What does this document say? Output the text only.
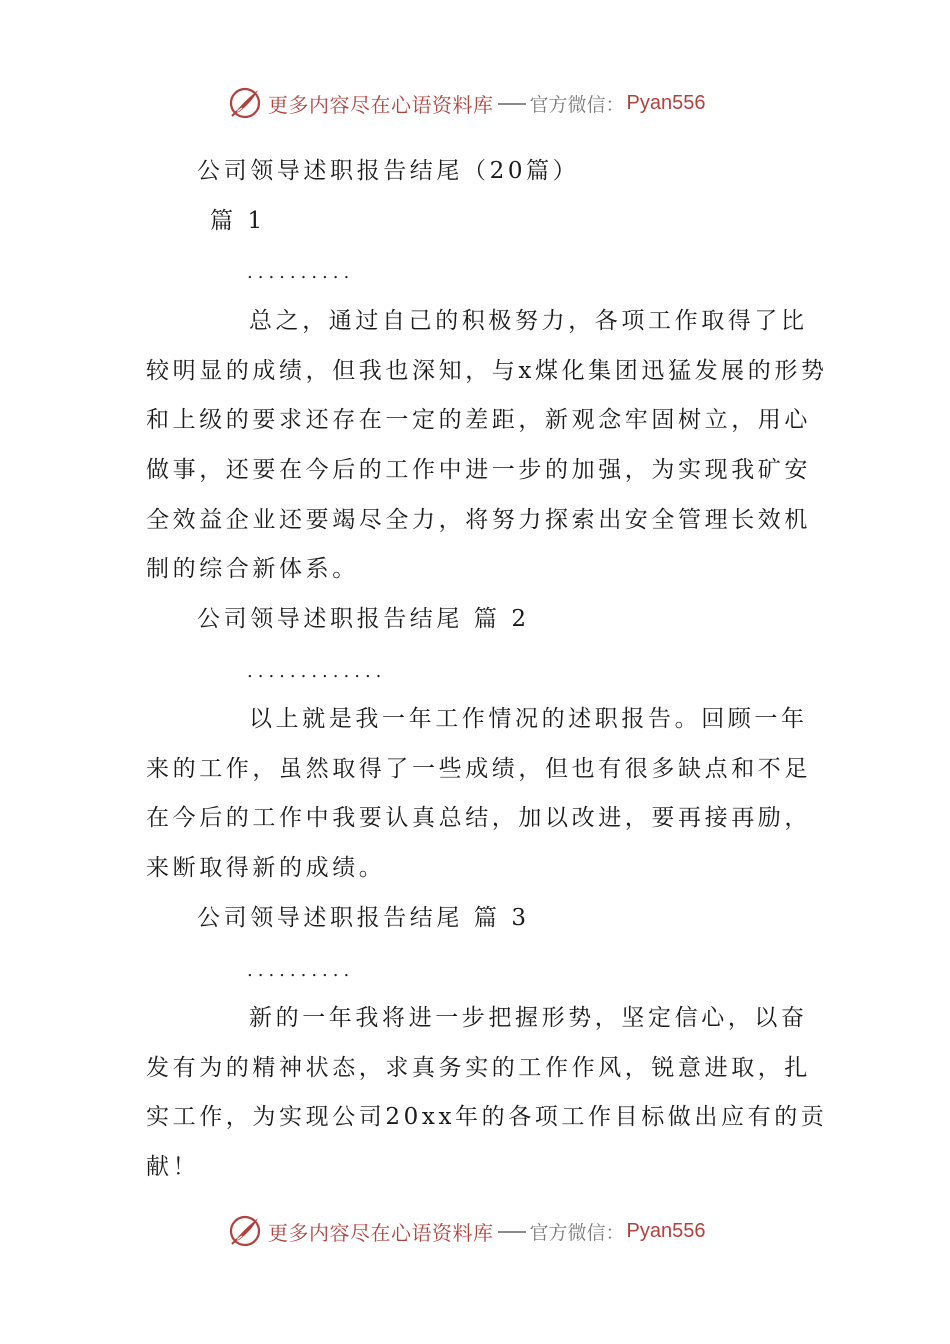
更多内容尽在心语资料库 官方微信： Pyan556
公司领导述职报告结尾（20篇）
篇 1
..........
总之，通过自己的积极努力，各项工作取得了比
较明显的成绩，但我也深知，与x煤化集团迅猛发展的形势
和上级的要求还存在一定的差距，新观念牢固树立，用心
做事，还要在今后的工作中进一步的加强，为实现我矿安
全效益企业还要竭尽全力，将努力探索出安全管理长效机
制的综合新体系。
公司领导述职报告结尾 篇 2
.............
以上就是我一年工作情况的述职报告。回顾一年
来的工作，虽然取得了一些成绩，但也有很多缺点和不足
在今后的工作中我要认真总结，加以改进，要再接再励，
来断取得新的成绩。
公司领导述职报告结尾 篇 3
..........
新的一年我将进一步把握形势，坚定信心，以奋
发有为的精神状态，求真务实的工作作风，锐意进取，扎
实工作，为实现公司20xx年的各项工作目标做出应有的贡
献！
更多内容尽在心语资料库 官方微信： Pyan556
